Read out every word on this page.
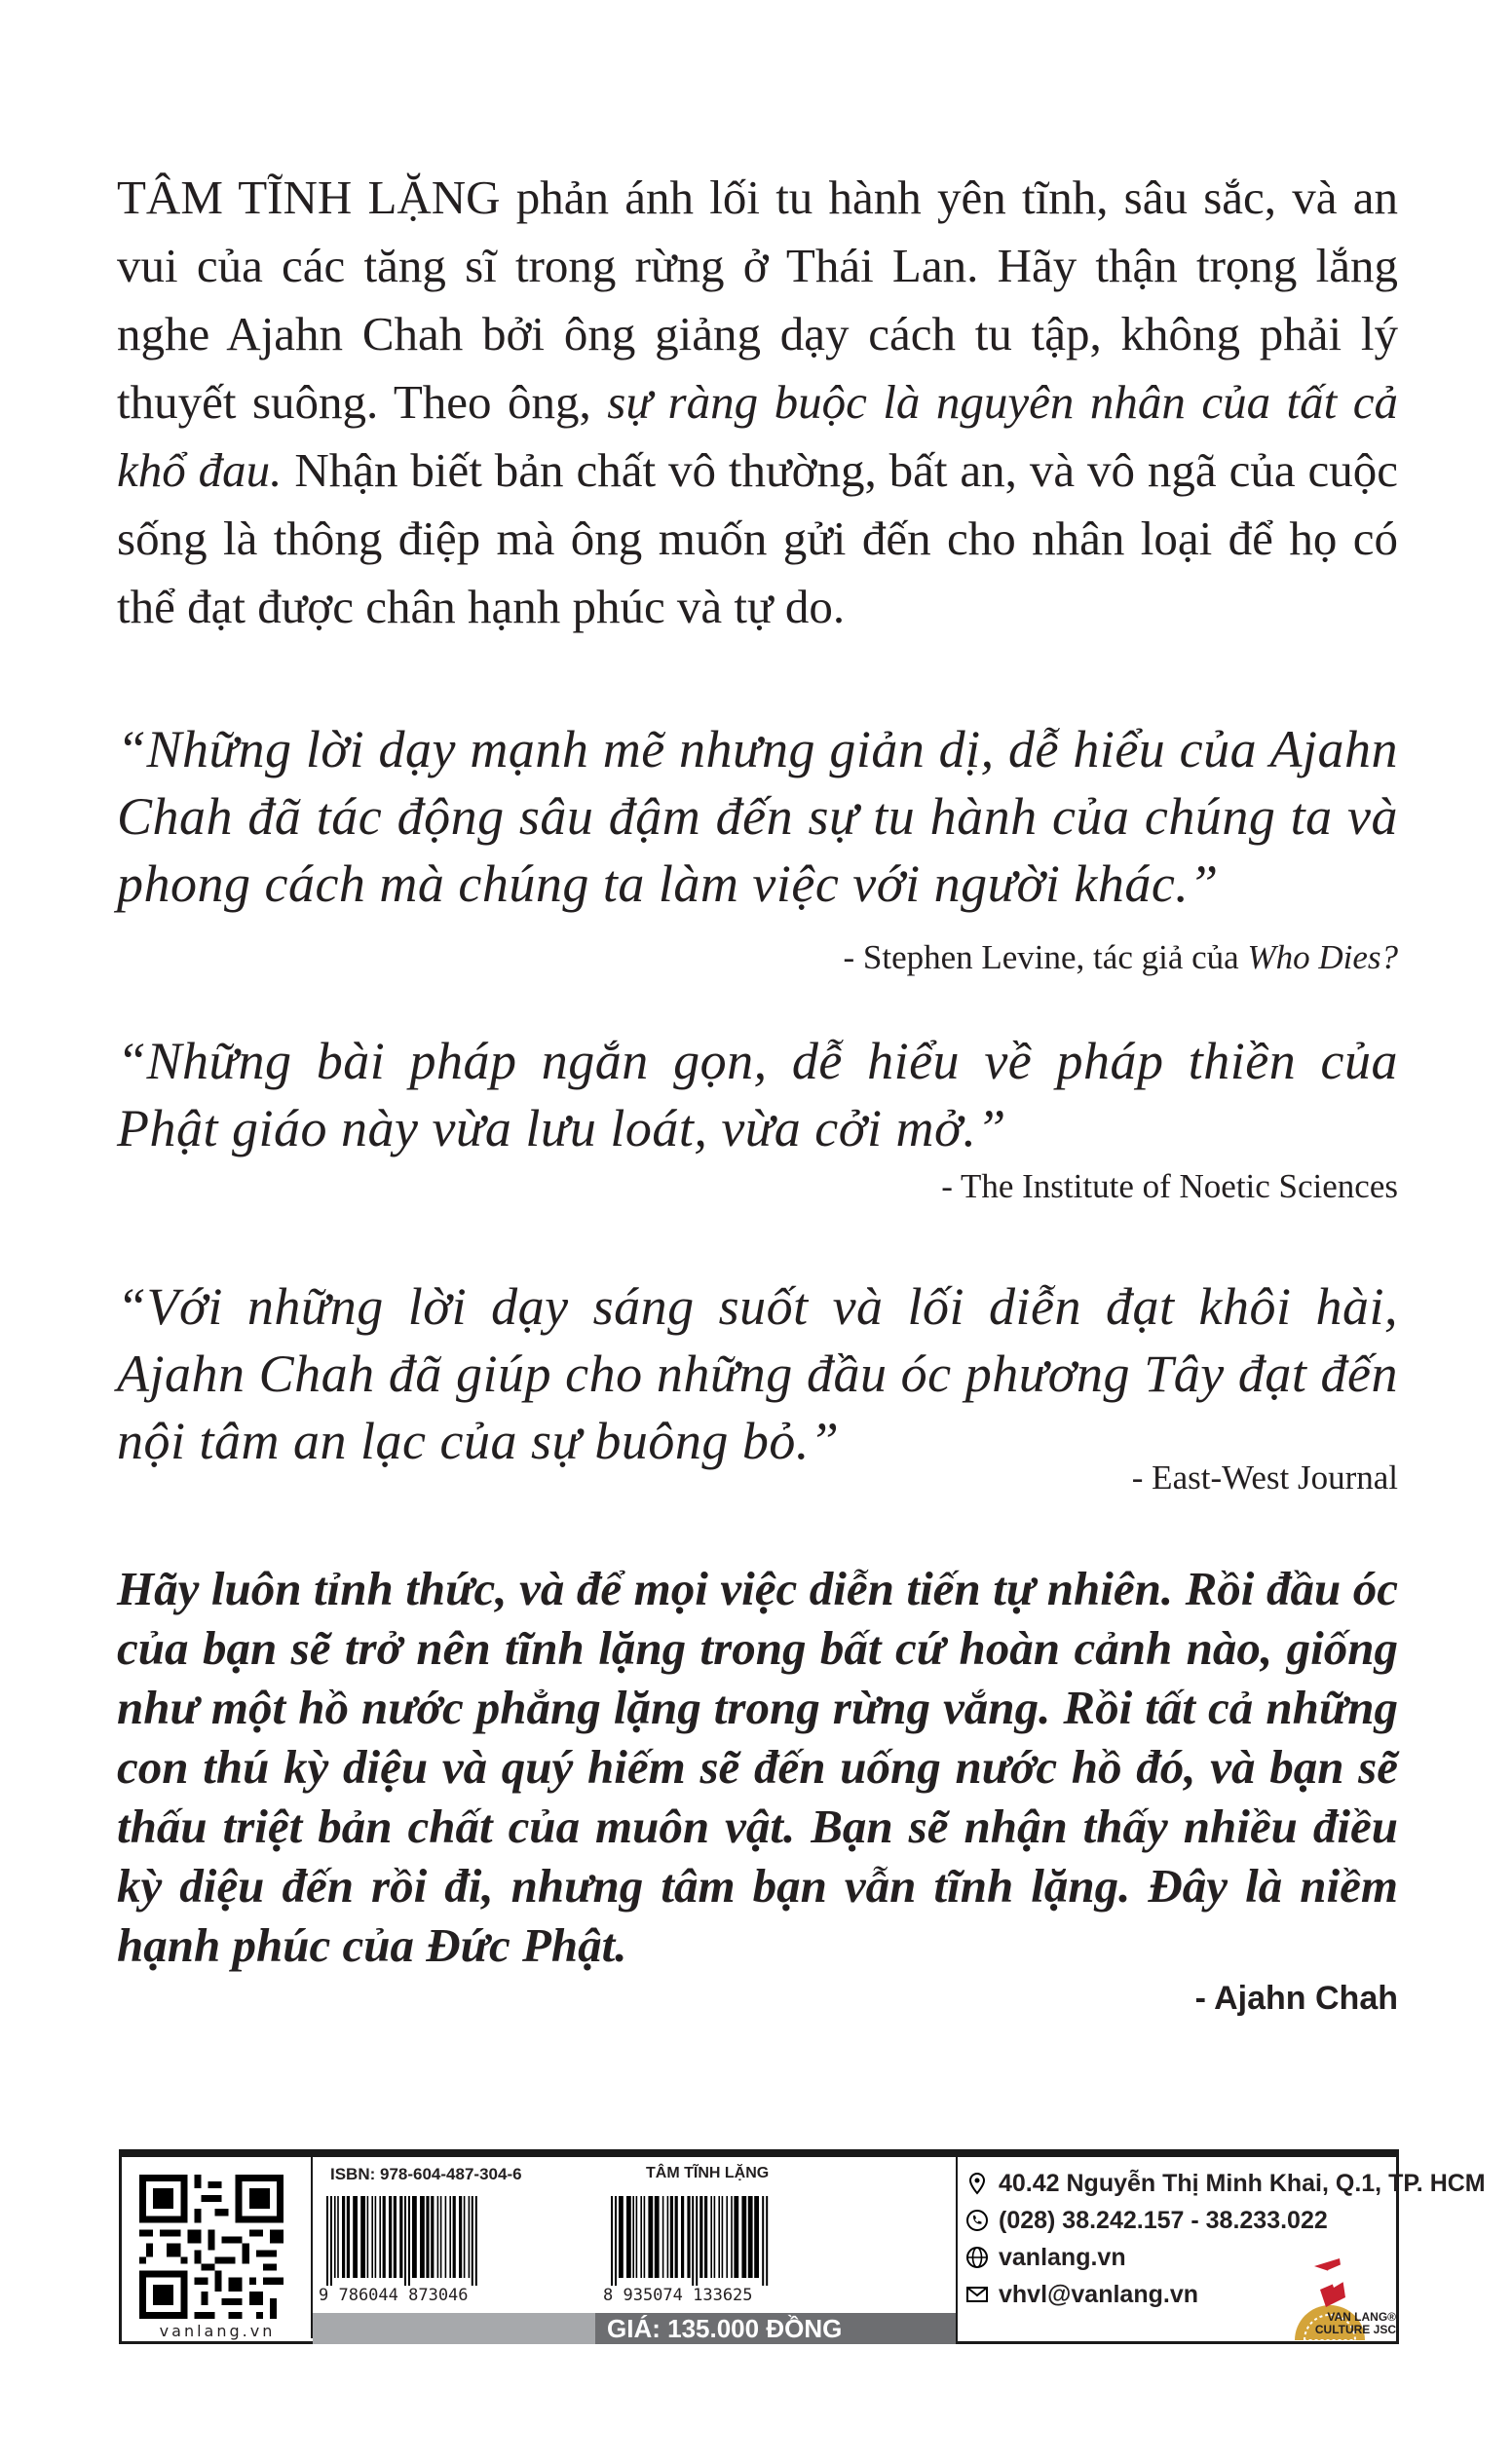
TÂM TĨNH LẶNG phản ánh lối tu hành yên tĩnh, sâu sắc, và an vui của các tăng sĩ trong rừng ở Thái Lan. Hãy thận trọng lắng nghe Ajahn Chah bởi ông giảng dạy cách tu tập, không phải lý thuyết suông. Theo ông, sự ràng buộc là nguyên nhân của tất cả khổ đau. Nhận biết bản chất vô thường, bất an, và vô ngã của cuộc sống là thông điệp mà ông muốn gửi đến cho nhân loại để họ có thể đạt được chân hạnh phúc và tự do.
“Những lời dạy mạnh mẽ nhưng giản dị, dễ hiểu của Ajahn Chah đã tác động sâu đậm đến sự tu hành của chúng ta và phong cách mà chúng ta làm việc với người khác.”
- Stephen Levine, tác giả của Who Dies?
“Những bài pháp ngắn gọn, dễ hiểu về pháp thiền của Phật giáo này vừa lưu loát, vừa cởi mở.”
- The Institute of Noetic Sciences
“Với những lời dạy sáng suốt và lối diễn đạt khôi hài, Ajahn Chah đã giúp cho những đầu óc phương Tây đạt đến nội tâm an lạc của sự buông bỏ.”
- East-West Journal
Hãy luôn tỉnh thức, và để mọi việc diễn tiến tự nhiên. Rồi đầu óc của bạn sẽ trở nên tĩnh lặng trong bất cứ hoàn cảnh nào, giống như một hồ nước phẳng lặng trong rừng vắng. Rồi tất cả những con thú kỳ diệu và quý hiếm sẽ đến uống nước hồ đó, và bạn sẽ thấu triệt bản chất của muôn vật. Bạn sẽ nhận thấy nhiều điều kỳ diệu đến rồi đi, nhưng tâm bạn vẫn tĩnh lặng. Đây là niềm hạnh phúc của Đức Phật.
- Ajahn Chah
vanlang.vn
ISBN: 978-604-487-304-6	TÂM TĨNH LẶNG
9 786044 873046	8 935074 133625
GIÁ: 135.000 ĐỒNG
40.42 Nguyễn Thị Minh Khai, Q.1, TP. HCM
(028) 38.242.157 - 38.233.022
vanlang.vn
vhvl@vanlang.vn
VAN LANG®
CULTURE JSC
